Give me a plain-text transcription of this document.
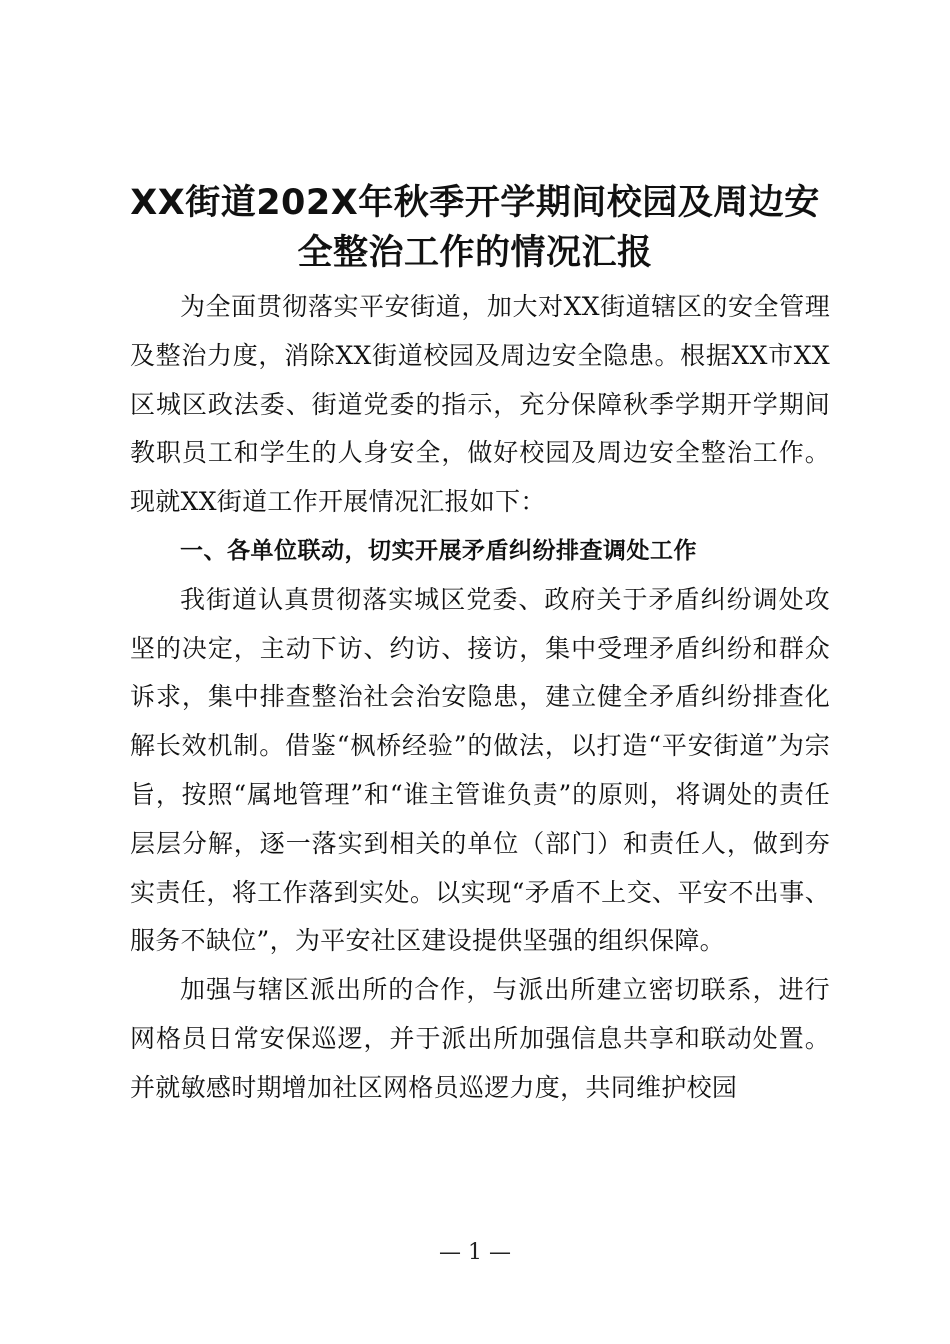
XX街道202X年秋季开学期间校园及周边安
全整治工作的情况汇报

为全面贯彻落实平安街道，加大对XX街道辖区的安全管理及整治力度，消除XX街道校园及周边安全隐患。根据XX市XX区城区政法委、街道党委的指示，充分保障秋季学期开学期间教职员工和学生的人身安全，做好校园及周边安全整治工作。现就XX街道工作开展情况汇报如下：

一、各单位联动，切实开展矛盾纠纷排查调处工作

我街道认真贯彻落实城区党委、政府关于矛盾纠纷调处攻坚的决定，主动下访、约访、接访，集中受理矛盾纠纷和群众诉求，集中排查整治社会治安隐患，建立健全矛盾纠纷排查化解长效机制。借鉴“枫桥经验”的做法，以打造“平安街道”为宗旨，按照“属地管理”和“谁主管谁负责”的原则，将调处的责任层层分解，逐一落实到相关的单位（部门）和责任人，做到夯实责任，将工作落到实处。以实现“矛盾不上交、平安不出事、服务不缺位”，为平安社区建设提供坚强的组织保障。

加强与辖区派出所的合作，与派出所建立密切联系，进行网格员日常安保巡逻，并于派出所加强信息共享和联动处置。并就敏感时期增加社区网格员巡逻力度，共同维护校园

— 1 —
